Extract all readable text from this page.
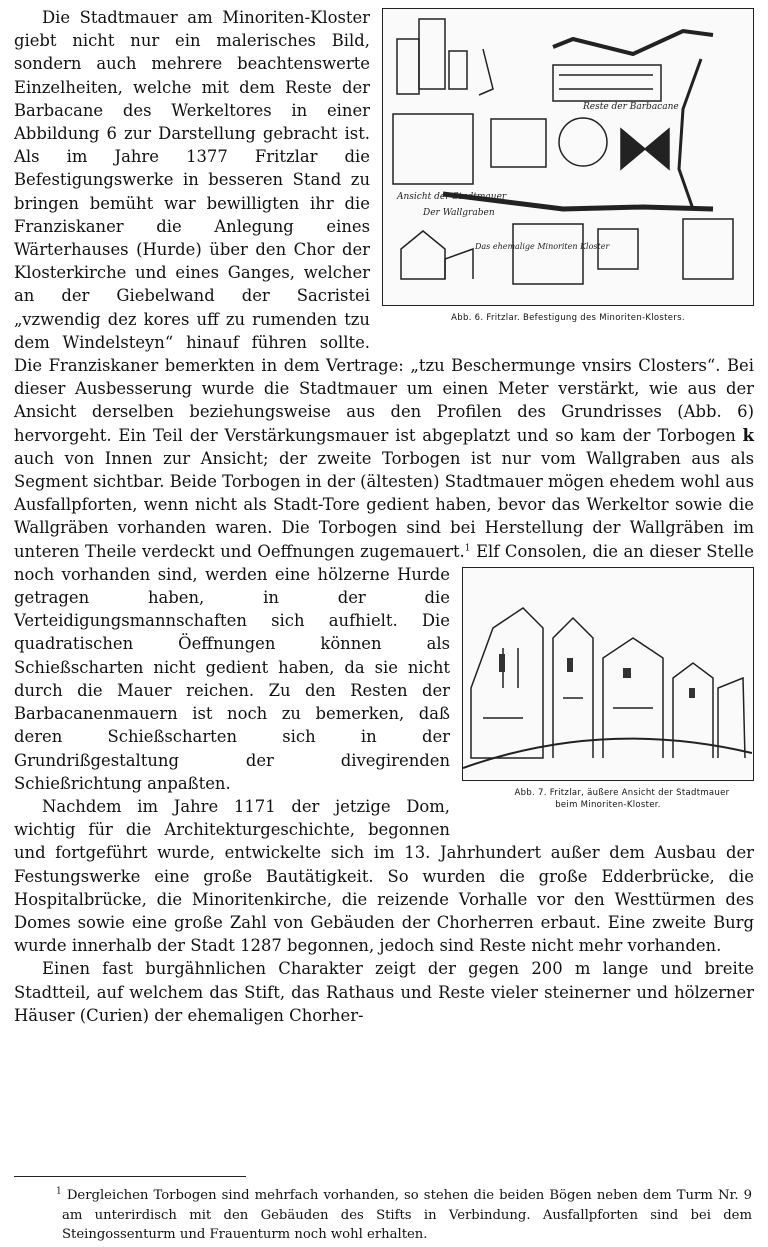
Reste der Barbacane
Ansicht der Stadtmauer
Der Wallgraben
Das ehemalige Minoriten Kloster
Abb. 6. Fritzlar. Befestigung des Minoriten-Klosters.

Die Stadtmauer am Minoriten-Kloster giebt nicht nur ein malerisches Bild, sondern auch mehrere beachtenswerte Einzelheiten, welche mit dem Reste der Barbacane des Werkeltores in einer Abbildung 6 zur Darstellung gebracht ist. Als im Jahre 1377 Fritzlar die Befestigungswerke in besseren Stand zu bringen bemüht war bewilligten ihr die Franziskaner die Anlegung eines Wärterhauses (Hurde) über den Chor der Klosterkirche und eines Ganges, welcher an der Giebelwand der Sacristei „vzwendig dez kores uff zu rumenden tzu dem Windelsteyn“ hinauf führen sollte. Die Franziskaner bemerkten in dem Vertrage: „tzu Beschermunge vnsirs Closters“. Bei dieser Ausbesserung wurde die Stadtmauer um einen Meter verstärkt, wie aus der Ansicht derselben beziehungsweise aus den Profilen des Grundrisses (Abb. 6) hervorgeht. Ein Teil der Verstärkungsmauer ist abgeplatzt und so kam der Torbogen k auch von Innen zur Ansicht; der zweite Torbogen ist nur vom Wallgraben aus als Segment sichtbar. Beide Torbogen in der (ältesten) Stadtmauer mögen ehedem wohl aus Ausfallpforten, wenn nicht als Stadt-Tore gedient haben, bevor das Werkeltor sowie die Wallgräben vorhanden waren. Die Torbogen sind bei Herstellung der Wallgräben im unteren Theile verdeckt und Oeffnungen zugemauert.$^1$
Abb. 7. Fritzlar, äußere Ansicht der Stadtmauer
beim Minoriten-Kloster.
Elf Consolen, die an dieser Stelle noch vorhanden sind, werden eine hölzerne Hurde getragen haben, in der die Verteidigungsmannschaften sich aufhielt. Die quadratischen Öeffnungen können als Schießscharten nicht gedient haben, da sie nicht durch die Mauer reichen. Zu den Resten der Barbacanenmauern ist noch zu bemerken, daß deren Schießscharten sich in der Grundrißgestaltung der divegirenden Schießrichtung anpaßten.

Nachdem im Jahre 1171 der jetzige Dom, wichtig für die Architekturgeschichte, begonnen und fortgeführt wurde, entwickelte sich im 13. Jahrhundert außer dem Ausbau der Festungswerke eine große Bautätigkeit. So wurden die große Edderbrücke, die Hospitalbrücke, die Minoritenkirche, die reizende Vorhalle vor den Westtürmen des Domes sowie eine große Zahl von Gebäuden der Chorherren erbaut. Eine zweite Burg wurde innerhalb der Stadt 1287 begonnen, jedoch sind Reste nicht mehr vorhanden.

Einen fast burgähnlichen Charakter zeigt der gegen 200 m lange und breite Stadtteil, auf welchem das Stift, das Rathaus und Reste vieler steinerner und hölzerner Häuser (Curien) der ehemaligen Chorher-

$^1$ Dergleichen Torbogen sind mehrfach vorhanden, so stehen die beiden Bögen neben dem Turm Nr. 9 am unterirdisch mit den Gebäuden des Stifts in Verbindung. Ausfallpforten sind bei dem Steingossenturm und Frauenturm noch wohl erhalten.
